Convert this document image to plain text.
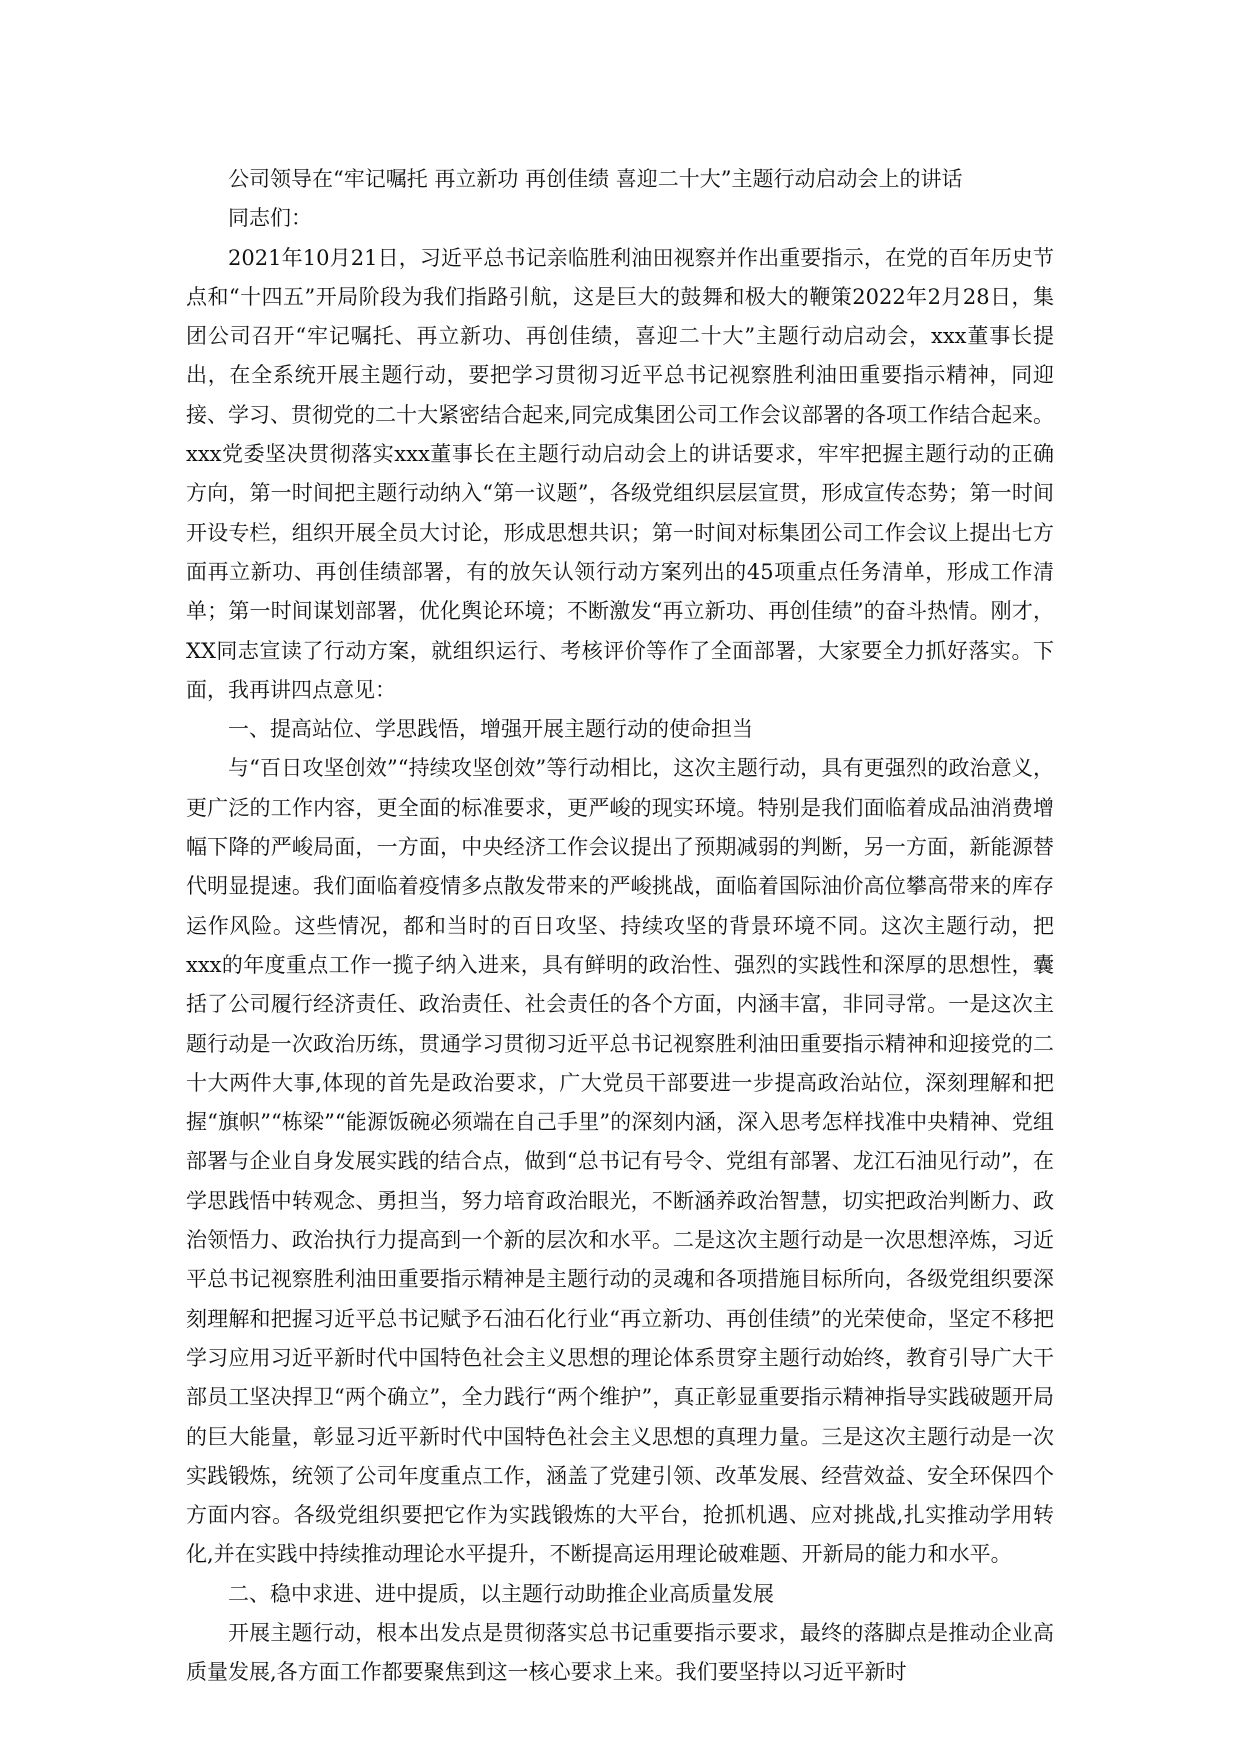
公司领导在“牢记嘱托 再立新功 再创佳绩 喜迎二十大”主题行动启动会上的讲话

同志们：

2021年10月21日，习近平总书记亲临胜利油田视察并作出重要指示，在党的百年历史节点和“十四五”开局阶段为我们指路引航，这是巨大的鼓舞和极大的鞭策2022年2月28日，集团公司召开“牢记嘱托、再立新功、再创佳绩，喜迎二十大”主题行动启动会，xxx董事长提出，在全系统开展主题行动，要把学习贯彻习近平总书记视察胜利油田重要指示精神，同迎接、学习、贯彻党的二十大紧密结合起来,同完成集团公司工作会议部署的各项工作结合起来。xxx党委坚决贯彻落实xxx董事长在主题行动启动会上的讲话要求，牢牢把握主题行动的正确方向，第一时间把主题行动纳入“第一议题”，各级党组织层层宣贯，形成宣传态势；第一时间开设专栏，组织开展全员大讨论，形成思想共识；第一时间对标集团公司工作会议上提出七方面再立新功、再创佳绩部署，有的放矢认领行动方案列出的45项重点任务清单，形成工作清单；第一时间谋划部署，优化舆论环境；不断激发“再立新功、再创佳绩”的奋斗热情。刚才，XX同志宣读了行动方案，就组织运行、考核评价等作了全面部署，大家要全力抓好落实。下面，我再讲四点意见：

一、提高站位、学思践悟，增强开展主题行动的使命担当

与“百日攻坚创效”“持续攻坚创效”等行动相比，这次主题行动，具有更强烈的政治意义，更广泛的工作内容，更全面的标准要求，更严峻的现实环境。特别是我们面临着成品油消费增幅下降的严峻局面，一方面，中央经济工作会议提出了预期减弱的判断，另一方面，新能源替代明显提速。我们面临着疫情多点散发带来的严峻挑战，面临着国际油价高位攀高带来的库存运作风险。这些情况，都和当时的百日攻坚、持续攻坚的背景环境不同。这次主题行动，把xxx的年度重点工作一揽子纳入进来，具有鲜明的政治性、强烈的实践性和深厚的思想性，囊括了公司履行经济责任、政治责任、社会责任的各个方面，内涵丰富，非同寻常。一是这次主题行动是一次政治历练，贯通学习贯彻习近平总书记视察胜利油田重要指示精神和迎接党的二十大两件大事,体现的首先是政治要求，广大党员干部要进一步提高政治站位，深刻理解和把握“旗帜”“栋梁”“能源饭碗必须端在自己手里”的深刻内涵，深入思考怎样找准中央精神、党组部署与企业自身发展实践的结合点，做到“总书记有号令、党组有部署、龙江石油见行动”，在学思践悟中转观念、勇担当，努力培育政治眼光，不断涵养政治智慧，切实把政治判断力、政治领悟力、政治执行力提高到一个新的层次和水平。二是这次主题行动是一次思想淬炼，习近平总书记视察胜利油田重要指示精神是主题行动的灵魂和各项措施目标所向，各级党组织要深刻理解和把握习近平总书记赋予石油石化行业“再立新功、再创佳绩”的光荣使命，坚定不移把学习应用习近平新时代中国特色社会主义思想的理论体系贯穿主题行动始终，教育引导广大干部员工坚决捍卫“两个确立”，全力践行“两个维护”，真正彰显重要指示精神指导实践破题开局的巨大能量，彰显习近平新时代中国特色社会主义思想的真理力量。三是这次主题行动是一次实践锻炼，统领了公司年度重点工作，涵盖了党建引领、改革发展、经营效益、安全环保四个方面内容。各级党组织要把它作为实践锻炼的大平台，抢抓机遇、应对挑战,扎实推动学用转化,并在实践中持续推动理论水平提升，不断提高运用理论破难题、开新局的能力和水平。

二、稳中求进、进中提质，以主题行动助推企业高质量发展

开展主题行动，根本出发点是贯彻落实总书记重要指示要求，最终的落脚点是推动企业高质量发展,各方面工作都要聚焦到这一核心要求上来。我们要坚持以习近平新时
